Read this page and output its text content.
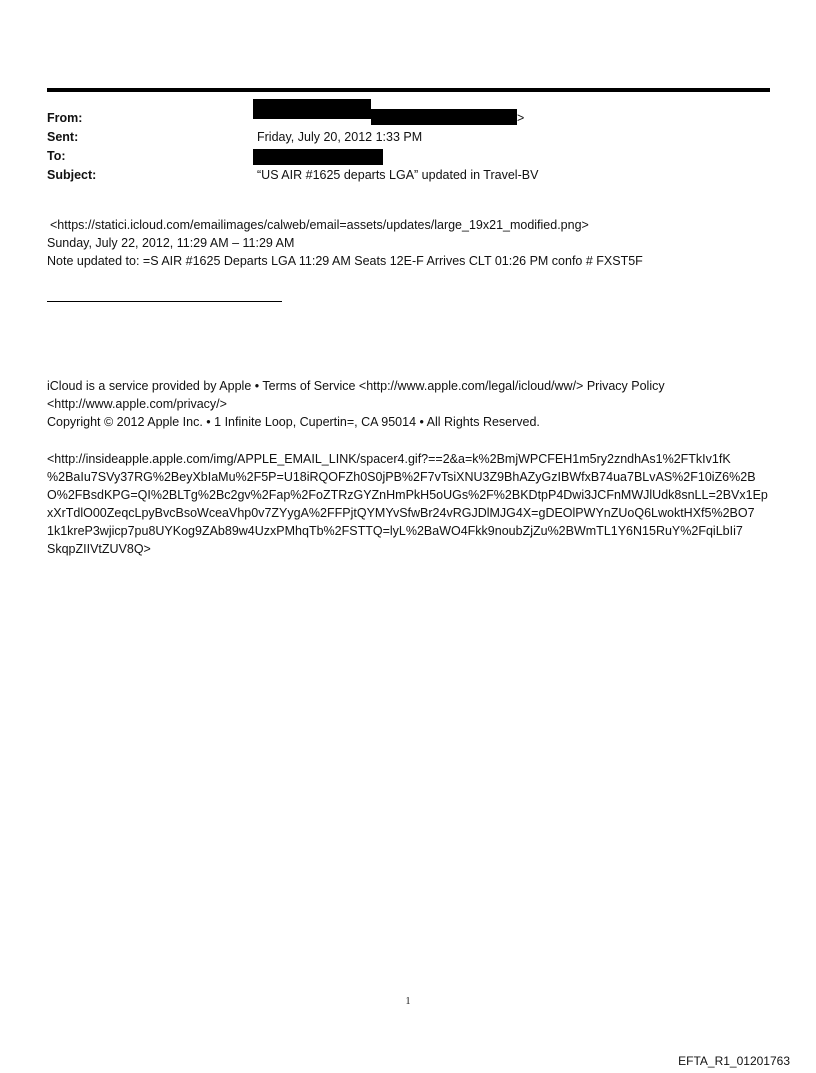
From:	>
Sent:	Friday, July 20, 2012 1:33 PM
To:
Subject:	“US AIR #1625 departs LGA” updated in Travel-BV
<https://statici.icloud.com/emailimages/calweb/email=assets/updates/large_19x21_modified.png>
Sunday, July 22, 2012, 11:29 AM – 11:29 AM
Note updated to: =S AIR #1625 Departs LGA 11:29 AM Seats 12E-F Arrives CLT 01:26 PM confo # FXST5F
iCloud is a service provided by Apple • Terms of Service <http://www.apple.com/legal/icloud/ww/> Privacy Policy
<http://www.apple.com/privacy/>
Copyright © 2012 Apple Inc. • 1 Infinite Loop, Cupertin=, CA 95014 • All Rights Reserved.
<http://insideapple.apple.com/img/APPLE_EMAIL_LINK/spacer4.gif?==2&a=k%2BmjWPCFEH1m5ry2zndhAs1%2FTkIv1fK
%2BaIu7SVy37RG%2BeyXbIaMu%2F5P=U18iRQOFZh0S0jPB%2F7vTsiXNU3Z9BhAZyGzIBWfxB74ua7BLvAS%2F10iZ6%2B
O%2FBsdKPG=QI%2BLTg%2Bc2gv%2Fap%2FoZTRzGYZnHmPkH5oUGs%2F%2BKDtpP4Dwi3JCFnMWJlUdk8snLL=2BVx1Ep
xXrTdlO00ZeqcLpyBvcBsoWceaVhp0v7ZYygA%2FFPjtQYMYvSfwBr24vRGJDlMJG4X=gDEOlPWYnZUoQ6LwoktHXf5%2BO7
1k1kreP3wjicp7pu8UYKog9ZAb89w4UzxPMhqTb%2FSTTQ=lyL%2BaWO4Fkk9noubZjZu%2BWmTL1Y6N15RuY%2FqiLbIi7
SkqpZIIVtZUV8Q>
1
EFTA_R1_01201763
